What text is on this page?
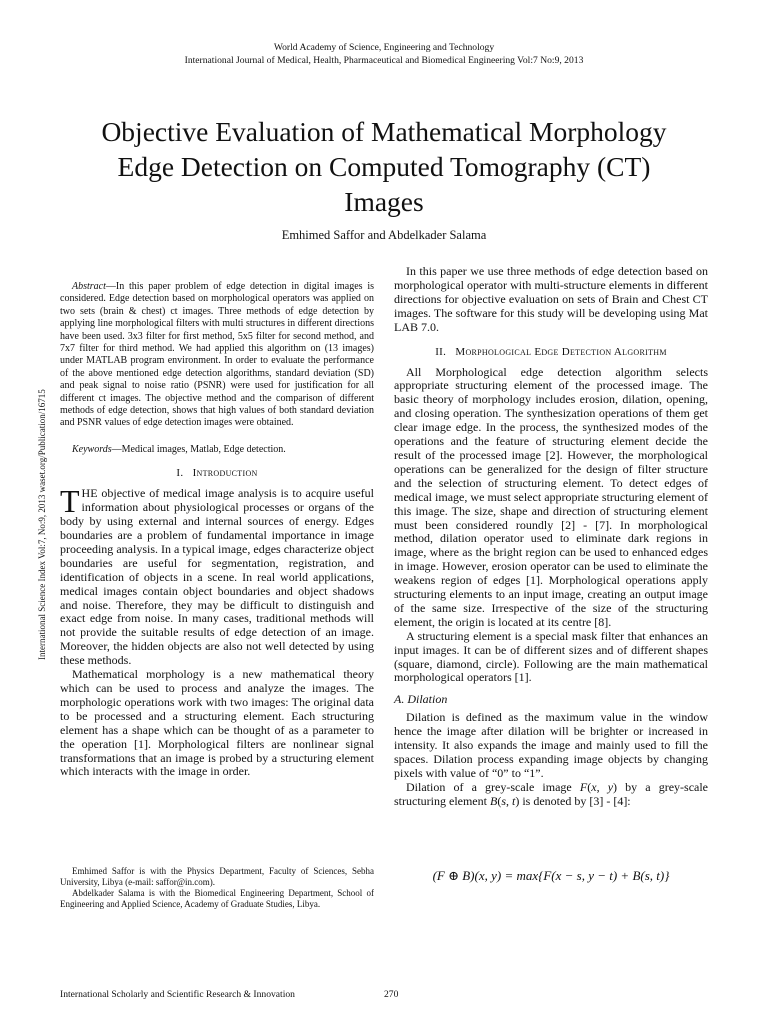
World Academy of Science, Engineering and Technology
International Journal of Medical, Health, Pharmaceutical and Biomedical Engineering Vol:7 No:9, 2013
Objective Evaluation of Mathematical Morphology Edge Detection on Computed Tomography (CT) Images
Emhimed Saffor and Abdelkader Salama
International Science Index Vol:7, No:9, 2013 waset.org/Publication/16715

Abstract—In this paper problem of edge detection in digital images is considered. Edge detection based on morphological operators was applied on two sets (brain & chest) ct images. Three methods of edge detection by applying line morphological filters with multi structures in different directions have been used. 3x3 filter for first method, 5x5 filter for second method, and 7x7 filter for third method. We had applied this algorithm on (13 images) under MATLAB program environment. In order to evaluate the performance of the above mentioned edge detection algorithms, standard deviation (SD) and peak signal to noise ratio (PSNR) were used for justification for all different ct images. The objective method and the comparison of different methods of edge detection, shows that high values of both standard deviation and PSNR values of edge detection images were obtained.

Keywords—Medical images, Matlab, Edge detection.

I. Introduction

THE objective of medical image analysis is to acquire useful information about physiological processes or organs of the body by using external and internal sources of energy. Edges boundaries are a problem of fundamental importance in image proceeding analysis. In a typical image, edges characterize object boundaries are useful for segmentation, registration, and identification of objects in a scene. In real world applications, medical images contain object boundaries and object shadows and noise. Therefore, they may be difficult to distinguish and exact edge from noise. In many cases, traditional methods will not provide the suitable results of edge detection of an image. Moreover, the hidden objects are also not well detected by using these methods.

Mathematical morphology is a new mathematical theory which can be used to process and analyze the images. The morphologic operations work with two images: The original data to be processed and a structuring element. Each structuring element has a shape which can be thought of as a parameter to the operation [1]. Morphological filters are nonlinear signal transformations that an image is probed by a structuring element which interacts with the image in order.

Emhimed Saffor is with the Physics Department, Faculty of Sciences, Sebha University, Libya (e-mail: saffor@in.com).

Abdelkader Salama is with the Biomedical Engineering Department, School of Engineering and Applied Science, Academy of Graduate Studies, Libya.

In this paper we use three methods of edge detection based on morphological operator with multi-structure elements in different directions for objective evaluation on sets of Brain and Chest CT images. The software for this study will be developing using Mat LAB 7.0.

II. Morphological Edge Detection Algorithm

All Morphological edge detection algorithm selects appropriate structuring element of the processed image. The basic theory of morphology includes erosion, dilation, opening, and closing operation. The synthesization operations of them get clear image edge. In the process, the synthesized modes of the operations and the feature of structuring element decide the result of the processed image [2]. However, the morphological operations can be generalized for the design of filter structure and the selection of structuring element. To detect edges of medical image, we must select appropriate structuring element of this image. The size, shape and direction of structuring element must been considered roundly [2] - [7]. In morphological method, dilation operator used to eliminate dark regions in image, where as the bright region can be used to enhanced edges in image. However, erosion operator can be used to eliminate the weakens region of edges [1]. Morphological operations apply structuring elements to an input image, creating an output image of the same size. Irrespective of the size of the structuring element, the origin is located at its centre [8].

A structuring element is a special mask filter that enhances an input images. It can be of different sizes and of different shapes (square, diamond, circle). Following are the main mathematical morphological operators [1].

A. Dilation

Dilation is defined as the maximum value in the window hence the image after dilation will be brighter or increased in intensity. It also expands the image and mainly used to fill the spaces. Dilation process expanding image objects by changing pixels with value of “0” to “1”.

Dilation of a grey-scale image F(x, y) by a grey-scale structuring element B(s, t) is denoted by [3] - [4]:

(F ⊕ B)(x, y) = max{F(x − s, y − t) + B(s, t)}
International Scholarly and Scientific Research & Innovation	270
